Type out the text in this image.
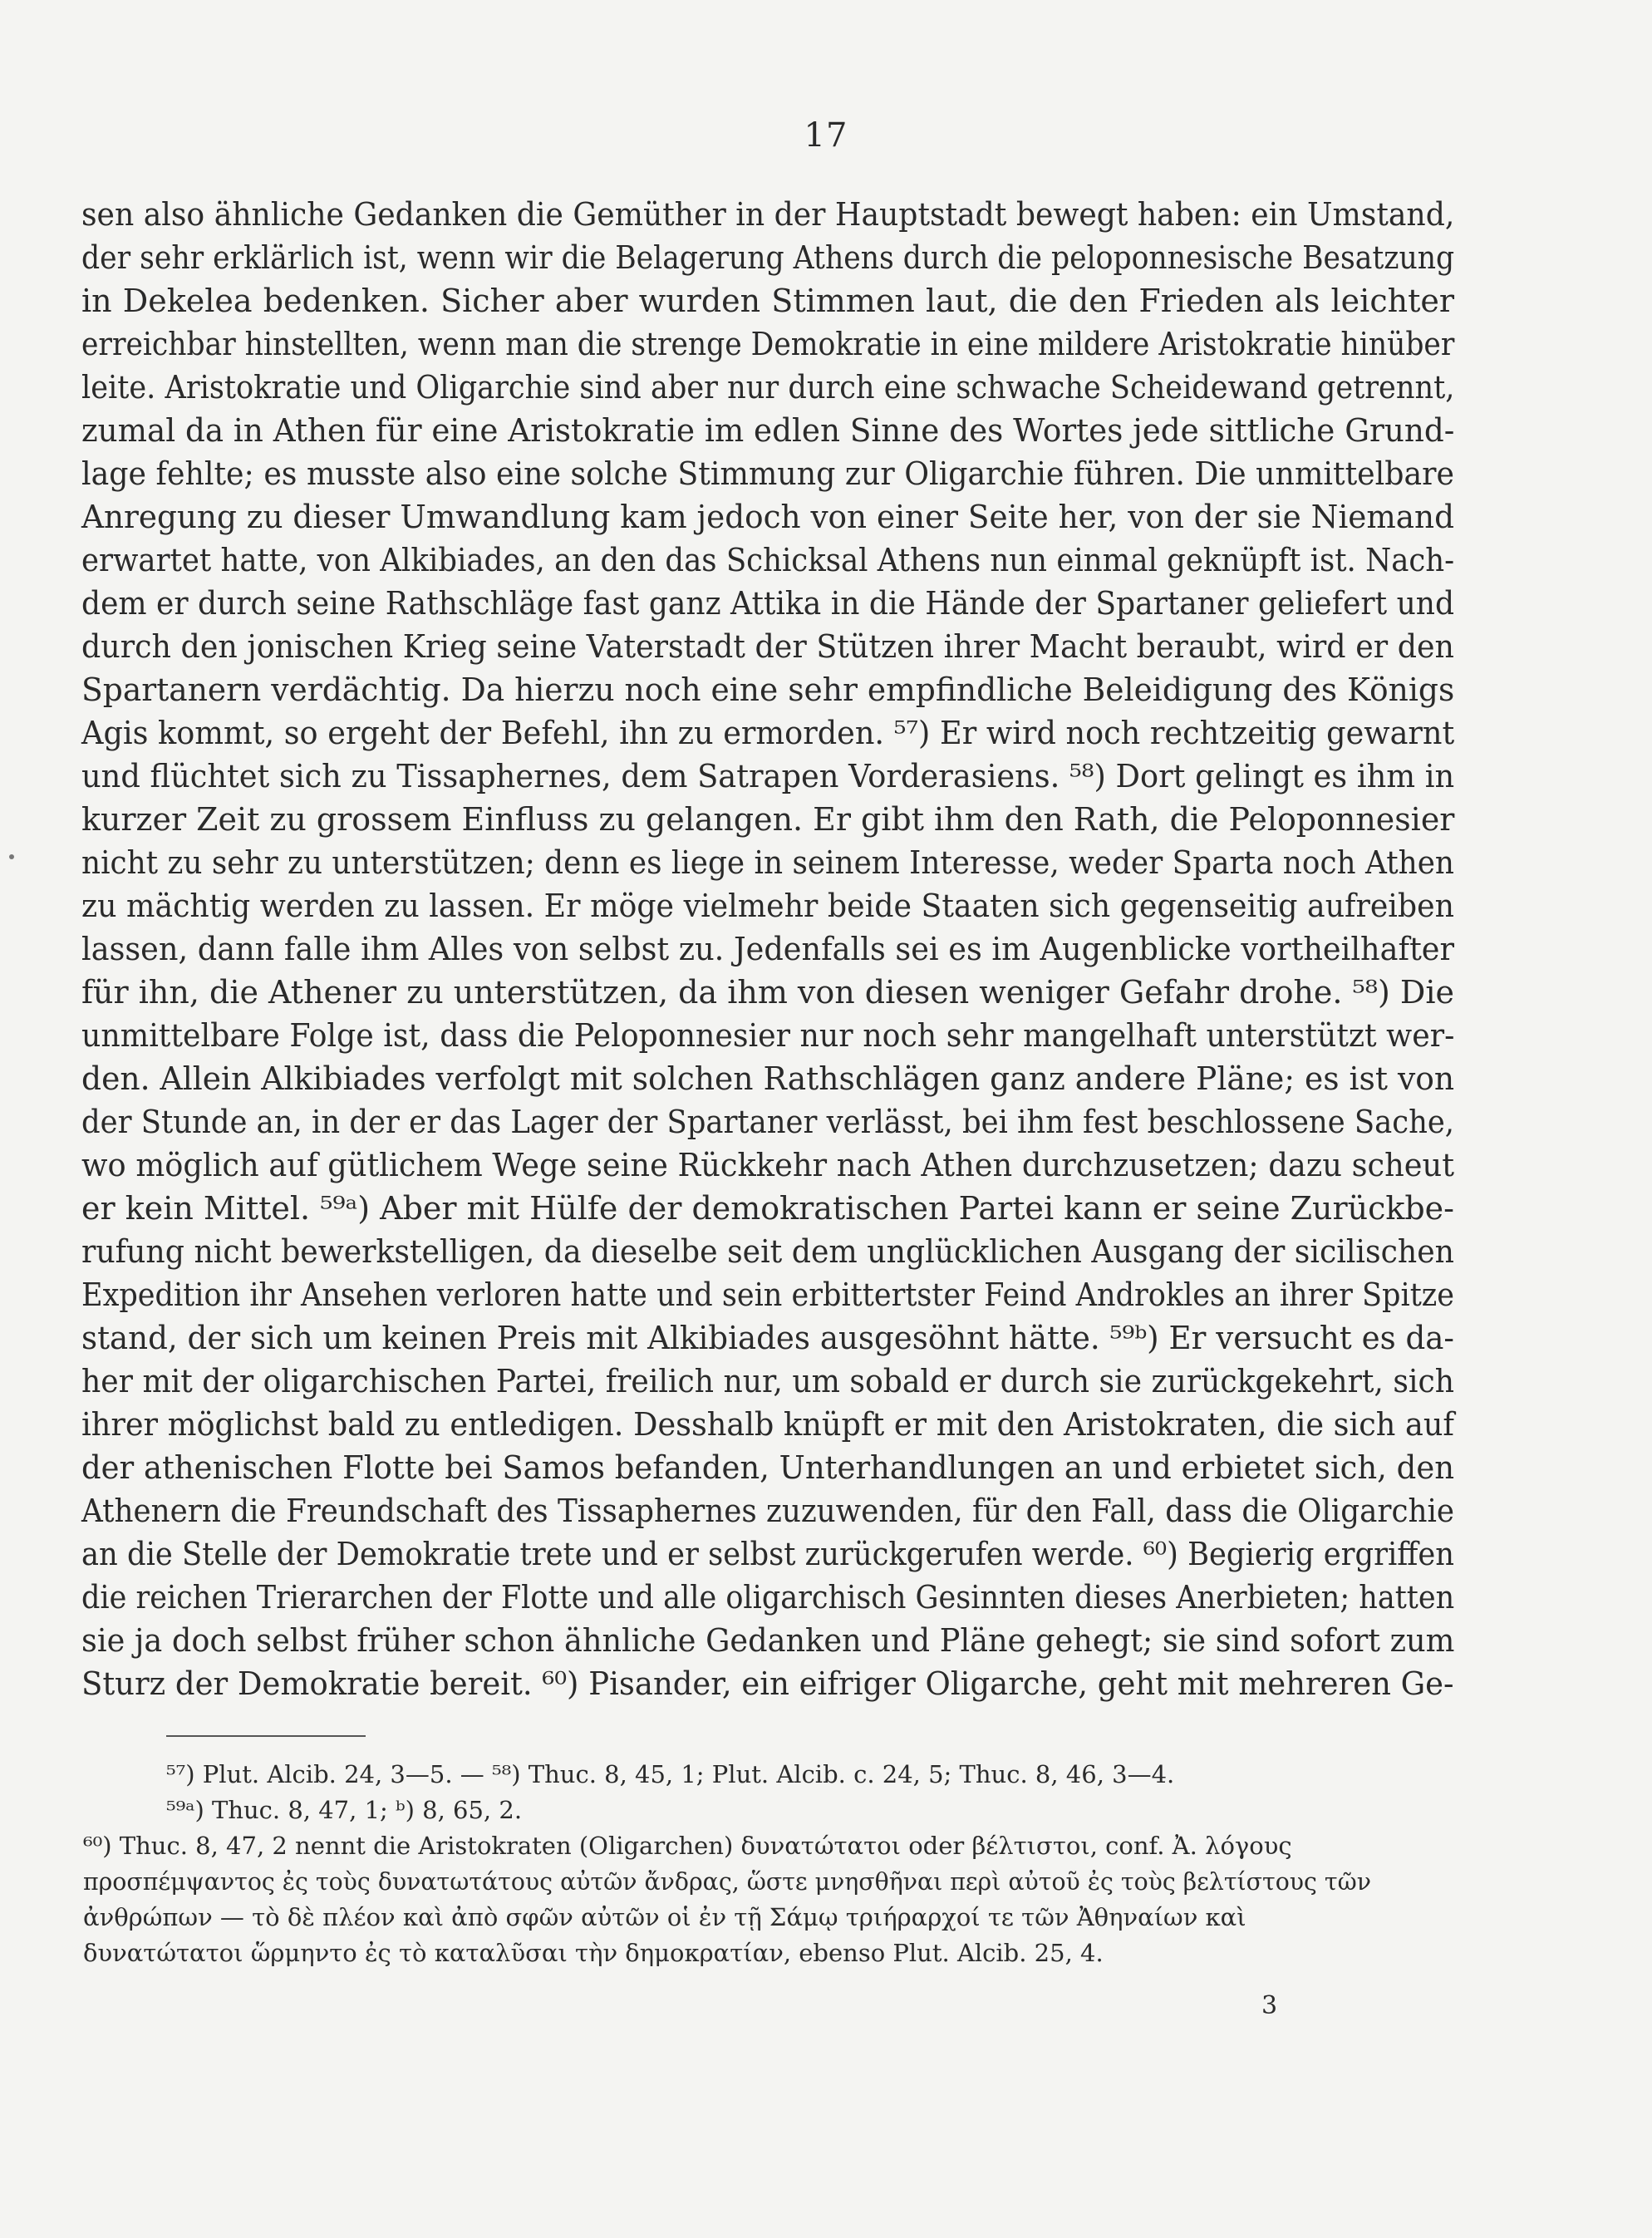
17
sen also ähnliche Gedanken die Gemüther in der Hauptstadt bewegt haben: ein Umstand,
der sehr erklärlich ist, wenn wir die Belagerung Athens durch die peloponnesische Besatzung
in Dekelea bedenken. Sicher aber wurden Stimmen laut, die den Frieden als leichter
erreichbar hinstellten, wenn man die strenge Demokratie in eine mildere Aristokratie hinüber
leite. Aristokratie und Oligarchie sind aber nur durch eine schwache Scheidewand getrennt,
zumal da in Athen für eine Aristokratie im edlen Sinne des Wortes jede sittliche Grund-
lage fehlte; es musste also eine solche Stimmung zur Oligarchie führen. Die unmittelbare
Anregung zu dieser Umwandlung kam jedoch von einer Seite her, von der sie Niemand
erwartet hatte, von Alkibiades, an den das Schicksal Athens nun einmal geknüpft ist. Nach-
dem er durch seine Rathschläge fast ganz Attika in die Hände der Spartaner geliefert und
durch den jonischen Krieg seine Vaterstadt der Stützen ihrer Macht beraubt, wird er den
Spartanern verdächtig. Da hierzu noch eine sehr empfindliche Beleidigung des Königs
Agis kommt, so ergeht der Befehl, ihn zu ermorden. ⁵⁷) Er wird noch rechtzeitig gewarnt
und flüchtet sich zu Tissaphernes, dem Satrapen Vorderasiens. ⁵⁸) Dort gelingt es ihm in
kurzer Zeit zu grossem Einfluss zu gelangen. Er gibt ihm den Rath, die Peloponnesier
nicht zu sehr zu unterstützen; denn es liege in seinem Interesse, weder Sparta noch Athen
zu mächtig werden zu lassen. Er möge vielmehr beide Staaten sich gegenseitig aufreiben
lassen, dann falle ihm Alles von selbst zu. Jedenfalls sei es im Augenblicke vortheilhafter
für ihn, die Athener zu unterstützen, da ihm von diesen weniger Gefahr drohe. ⁵⁸) Die
unmittelbare Folge ist, dass die Peloponnesier nur noch sehr mangelhaft unterstützt wer-
den. Allein Alkibiades verfolgt mit solchen Rathschlägen ganz andere Pläne; es ist von
der Stunde an, in der er das Lager der Spartaner verlässt, bei ihm fest beschlossene Sache,
wo möglich auf gütlichem Wege seine Rückkehr nach Athen durchzusetzen; dazu scheut
er kein Mittel. ⁵⁹ᵃ) Aber mit Hülfe der demokratischen Partei kann er seine Zurückbe-
rufung nicht bewerkstelligen, da dieselbe seit dem unglücklichen Ausgang der sicilischen
Expedition ihr Ansehen verloren hatte und sein erbittertster Feind Androkles an ihrer Spitze
stand, der sich um keinen Preis mit Alkibiades ausgesöhnt hätte. ⁵⁹ᵇ) Er versucht es da-
her mit der oligarchischen Partei, freilich nur, um sobald er durch sie zurückgekehrt, sich
ihrer möglichst bald zu entledigen. Desshalb knüpft er mit den Aristokraten, die sich auf
der athenischen Flotte bei Samos befanden, Unterhandlungen an und erbietet sich, den
Athenern die Freundschaft des Tissaphernes zuzuwenden, für den Fall, dass die Oligarchie
an die Stelle der Demokratie trete und er selbst zurückgerufen werde. ⁶⁰) Begierig ergriffen
die reichen Trierarchen der Flotte und alle oligarchisch Gesinnten dieses Anerbieten; hatten
sie ja doch selbst früher schon ähnliche Gedanken und Pläne gehegt; sie sind sofort zum
Sturz der Demokratie bereit. ⁶⁰) Pisander, ein eifriger Oligarche, geht mit mehreren Ge-
⁵⁷) Plut. Alcib. 24, 3—5. — ⁵⁸) Thuc. 8, 45, 1; Plut. Alcib. c. 24, 5; Thuc. 8, 46, 3—4.
⁵⁹ᵃ) Thuc. 8, 47, 1; ᵇ) 8, 65, 2.
⁶⁰) Thuc. 8, 47, 2 nennt die Aristokraten (Oligarchen) δυνατώτατοι oder βέλτιστοι, conf. Ἀ. λόγους
προσπέμψαντος ἐς τοὺς δυνατωτάτους αὐτῶν ἄνδρας, ὥστε μνησθῆναι περὶ αὐτοῦ ἐς τοὺς βελτίστους τῶν
ἀνθρώπων — τὸ δὲ πλέον καὶ ἀπὸ σφῶν αὐτῶν οἱ ἐν τῇ Σάμῳ τριήραρχοί τε τῶν Ἀθηναίων καὶ
δυνατώτατοι ὥρμηντο ἐς τὸ καταλῦσαι τὴν δημοκρατίαν, ebenso Plut. Alcib. 25, 4.
3
